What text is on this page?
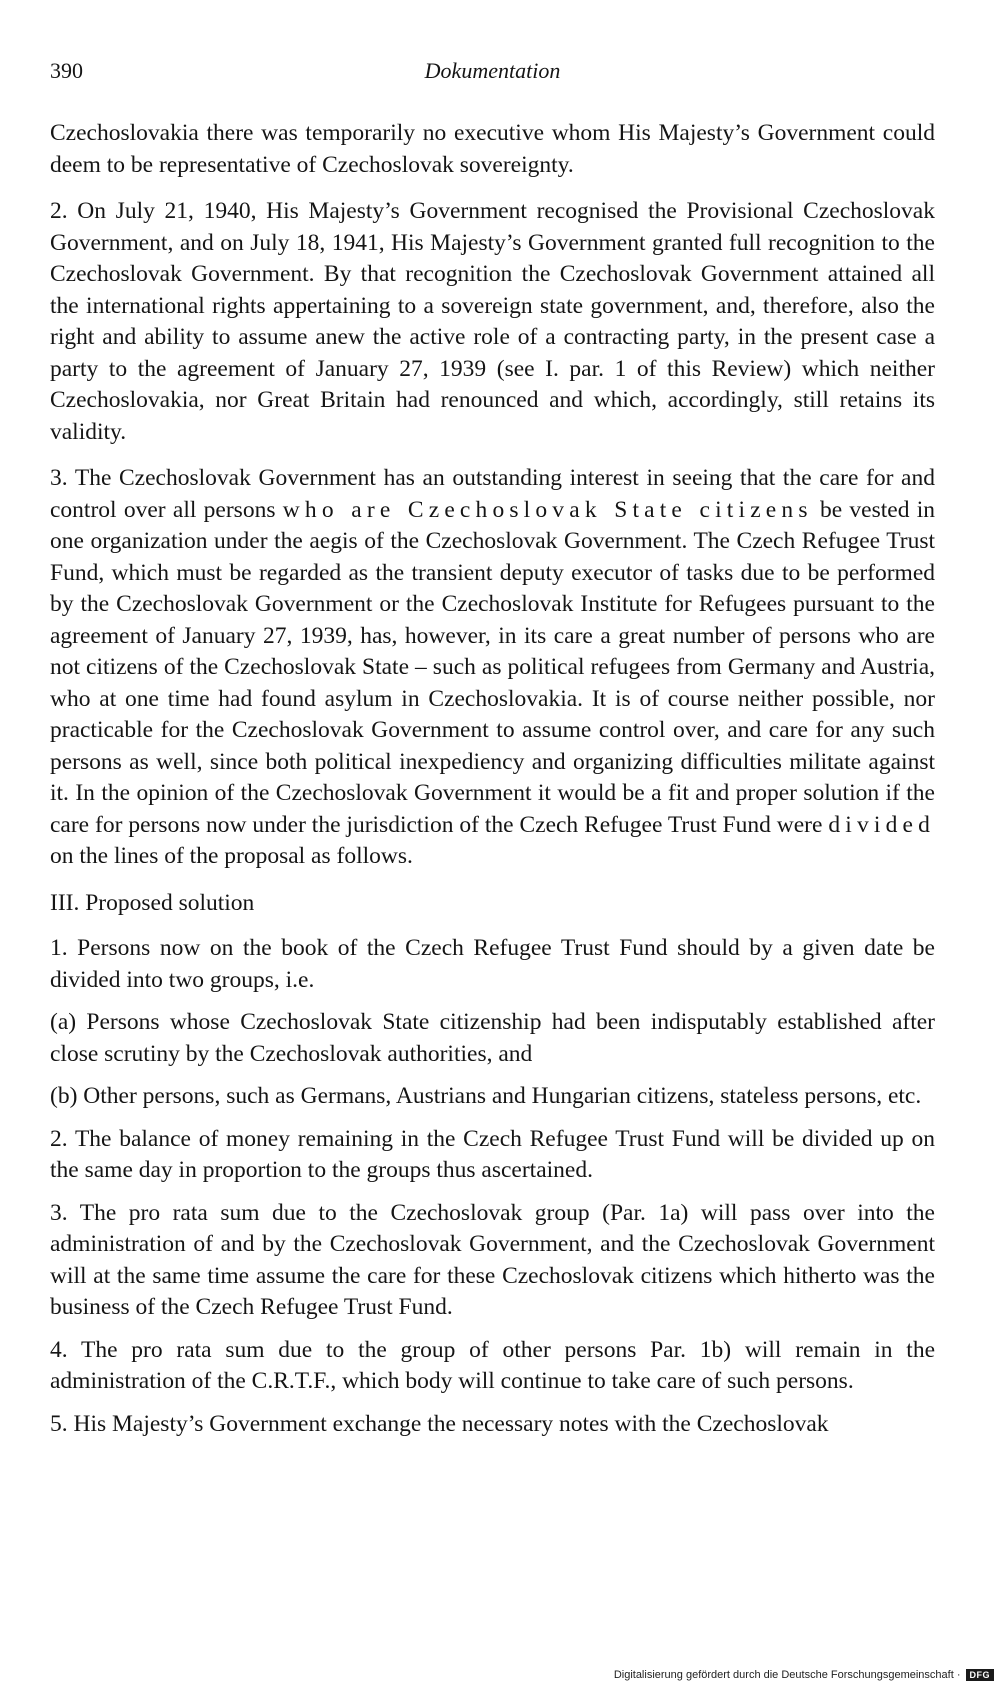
390	Dokumentation

Czechoslovakia there was temporarily no executive whom His Majesty’s Government could deem to be representative of Czechoslovak sovereignty.

2. On July 21, 1940, His Majesty’s Government recognised the Provisional Czechoslovak Government, and on July 18, 1941, His Majesty’s Government granted full recognition to the Czechoslovak Government. By that recognition the Czechoslovak Government attained all the international rights appertaining to a sovereign state government, and, therefore, also the right and ability to assume anew the active role of a contracting party, in the present case a party to the agreement of January 27, 1939 (see I. par. 1 of this Review) which neither Czechoslovakia, nor Great Britain had renounced and which, accordingly, still retains its validity.

3. The Czechoslovak Government has an outstanding interest in seeing that the care for and control over all persons who are Czechoslovak State citizens be vested in one organization under the aegis of the Czechoslovak Government. The Czech Refugee Trust Fund, which must be regarded as the transient deputy executor of tasks due to be performed by the Czechoslovak Government or the Czechoslovak Institute for Refugees pursuant to the agreement of January 27, 1939, has, however, in its care a great number of persons who are not citizens of the Czechoslovak State – such as political refugees from Germany and Austria, who at one time had found asylum in Czechoslovakia. It is of course neither possible, nor practicable for the Czechoslovak Government to assume control over, and care for any such persons as well, since both political inexpediency and organizing difficulties militate against it. In the opinion of the Czechoslovak Government it would be a fit and proper solution if the care for persons now under the jurisdiction of the Czech Refugee Trust Fund were divided on the lines of the proposal as follows.

III. Proposed solution

1. Persons now on the book of the Czech Refugee Trust Fund should by a given date be divided into two groups, i.e.

(a) Persons whose Czechoslovak State citizenship had been indisputably established after close scrutiny by the Czechoslovak authorities, and

(b) Other persons, such as Germans, Austrians and Hungarian citizens, stateless persons, etc.

2. The balance of money remaining in the Czech Refugee Trust Fund will be divided up on the same day in proportion to the groups thus ascertained.

3. The pro rata sum due to the Czechoslovak group (Par. 1a) will pass over into the administration of and by the Czechoslovak Government, and the Czechoslovak Government will at the same time assume the care for these Czechoslovak citizens which hitherto was the business of the Czech Refugee Trust Fund.

4. The pro rata sum due to the group of other persons Par. 1b) will remain in the administration of the C.R.T.F., which body will continue to take care of such persons.

5. His Majesty’s Government exchange the necessary notes with the Czechoslovak

Digitalisierung gefördert durch die Deutsche Forschungsgemeinschaft ·	DFG
